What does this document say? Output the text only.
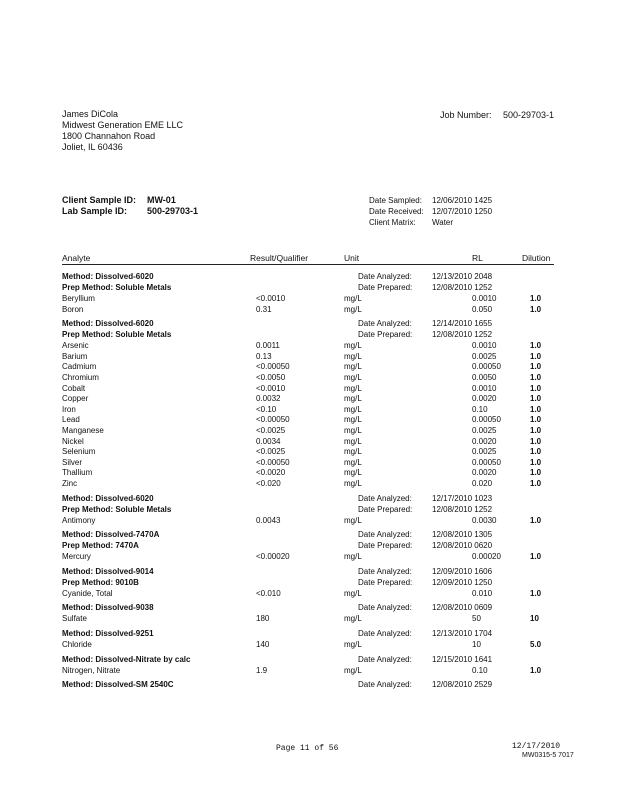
James DiCola
Midwest Generation EME LLC
1800 Channahon Road
Joliet, IL 60436
Job Number: 500-29703-1
Client Sample ID: MW-01
Lab Sample ID: 500-29703-1
Date Sampled: 12/06/2010 1425
Date Received: 12/07/2010 1250
Client Matrix: Water
Analyte	Result/Qualifier	Unit	RL	Dilution
Method: Dissolved-6020	Date Analyzed:	12/13/2010 2048
Prep Method: Soluble Metals	Date Prepared: 12/08/2010 1252
Beryllium	<0.0010	mg/L	0.0010	1.0
Boron	0.31	mg/L	0.050	1.0
Method: Dissolved-6020	Date Analyzed:	12/14/2010 1655
Prep Method: Soluble Metals	Date Prepared: 12/08/2010 1252
Arsenic	0.0011	mg/L	0.0010	1.0
Barium	0.13	mg/L	0.0025	1.0
Cadmium	<0.00050	mg/L	0.00050	1.0
Chromium	<0.0050	mg/L	0.0050	1.0
Cobalt	<0.0010	mg/L	0.0010	1.0
Copper	0.0032	mg/L	0.0020	1.0
Iron	<0.10	mg/L	0.10	1.0
Lead	<0.00050	mg/L	0.00050	1.0
Manganese	<0.0025	mg/L	0.0025	1.0
Nickel	0.0034	mg/L	0.0020	1.0
Selenium	<0.0025	mg/L	0.0025	1.0
Silver	<0.00050	mg/L	0.00050	1.0
Thallium	<0.0020	mg/L	0.0020	1.0
Zinc	<0.020	mg/L	0.020	1.0
Method: Dissolved-6020	Date Analyzed:	12/17/2010 1023
Prep Method: Soluble Metals	Date Prepared: 12/08/2010 1252
Antimony	0.0043	mg/L	0.0030	1.0
Method: Dissolved-7470A	Date Analyzed:	12/08/2010 1305
Prep Method: 7470A	Date Prepared: 12/08/2010 0620
Mercury	<0.00020	mg/L	0.00020	1.0
Method: Dissolved-9014	Date Analyzed:	12/09/2010 1606
Prep Method: 9010B	Date Prepared: 12/09/2010 1250
Cyanide, Total	<0.010	mg/L	0.010	1.0
Method: Dissolved-9038	Date Analyzed:	12/08/2010 0609
Sulfate	180	mg/L	50	10
Method: Dissolved-9251	Date Analyzed:	12/13/2010 1704
Chloride	140	mg/L	10	5.0
Method: Dissolved-Nitrate by calc	Date Analyzed:	12/15/2010 1641
Nitrogen, Nitrate	1.9	mg/L	0.10	1.0
Method: Dissolved-SM 2540C	Date Analyzed:	12/08/2010 2529
Page 11 of 56	12/17/2010
MW0315-5 7017
